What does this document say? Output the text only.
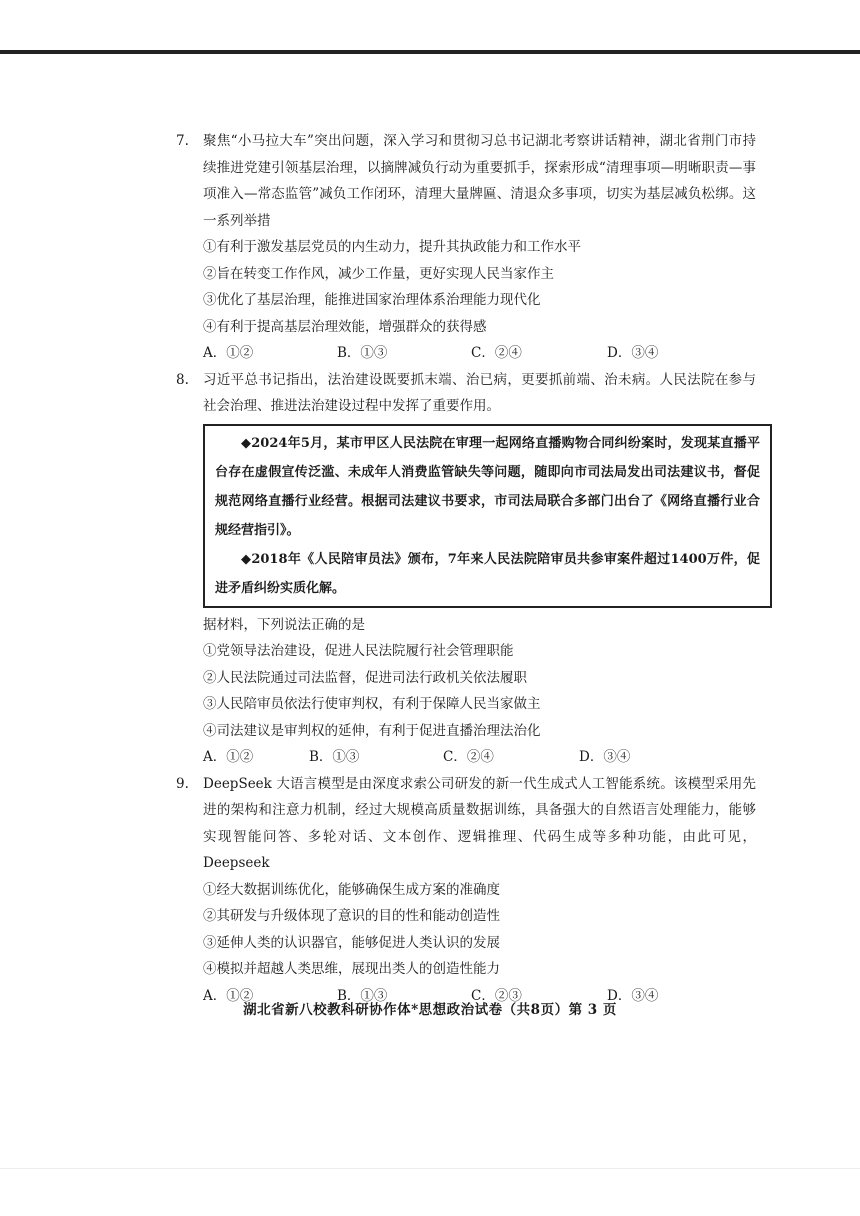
7. 聚焦“小马拉大车”突出问题，深入学习和贯彻习总书记湖北考察讲话精神，湖北省荆门市持续推进党建引领基层治理，以摘牌减负行动为重要抓手，探索形成“清理事项—明晰职责—事项准入—常态监管”减负工作闭环，清理大量牌匾、清退众多事项，切实为基层减负松绑。这一系列举措
①有利于激发基层党员的内生动力，提升其执政能力和工作水平
②旨在转变工作作风，减少工作量，更好实现人民当家作主
③优化了基层治理，能推进国家治理体系治理能力现代化
④有利于提高基层治理效能，增强群众的获得感
A．①②	B．①③	C．②④	D．③④
8. 习近平总书记指出，法治建设既要抓末端、治已病，更要抓前端、治未病。人民法院在参与社会治理、推进法治建设过程中发挥了重要作用。

◆2024年5月，某市甲区人民法院在审理一起网络直播购物合同纠纷案时，发现某直播平台存在虚假宣传泛滥、未成年人消费监管缺失等问题，随即向市司法局发出司法建议书，督促规范网络直播行业经营。根据司法建议书要求，市司法局联合多部门出台了《网络直播行业合规经营指引》。

◆2018年《人民陪审员法》颁布，7年来人民法院陪审员共参审案件超过1400万件，促进矛盾纠纷实质化解。

据材料，下列说法正确的是
①党领导法治建设，促进人民法院履行社会管理职能
②人民法院通过司法监督，促进司法行政机关依法履职
③人民陪审员依法行使审判权，有利于保障人民当家做主
④司法建议是审判权的延伸，有利于促进直播治理法治化
A．①②	B．①③	C．②④	D．③④
9. DeepSeek 大语言模型是由深度求索公司研发的新一代生成式人工智能系统。该模型采用先进的架构和注意力机制，经过大规模高质量数据训练，具备强大的自然语言处理能力，能够实现智能问答、多轮对话、文本创作、逻辑推理、代码生成等多种功能，由此可见，Deepseek
①经大数据训练优化，能够确保生成方案的准确度
②其研发与升级体现了意识的目的性和能动创造性
③延伸人类的认识器官，能够促进人类认识的发展
④模拟并超越人类思维，展现出类人的创造性能力
A．①②	B．①③	C．②③	D．③④
湖北省新八校教科研协作体*思想政治试卷（共8页）第 3 页
